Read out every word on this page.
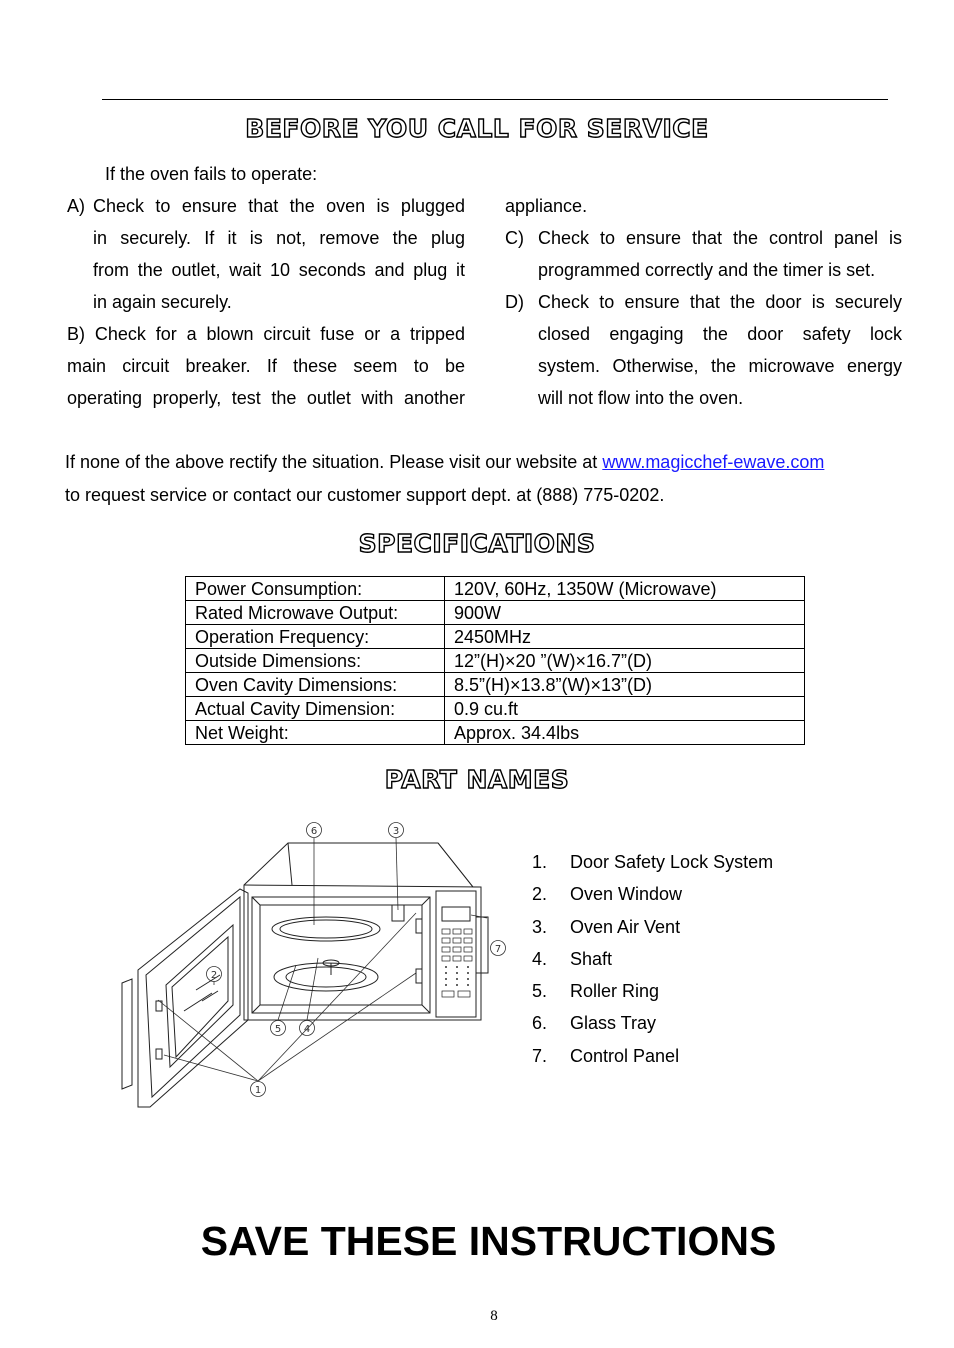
BEFORE YOU CALL FOR SERVICE
If the oven fails to operate:
A) Check to ensure that the oven is plugged
in securely. If it is not, remove the plug
from the outlet, wait 10 seconds and plug it
in again securely.
B) Check for a blown circuit fuse or a tripped
main circuit breaker. If these seem to be
operating properly, test the outlet with another
appliance.
C) Check to ensure that the control panel is
programmed correctly and the timer is set.
D) Check to ensure that the door is securely
closed engaging the door safety lock
system. Otherwise, the microwave energy
will not flow into the oven.
If none of the above rectify the situation. Please visit our website at www.magicchef-ewave.com
to request service or contact our customer support dept. at (888) 775-0202.
SPECIFICATIONS
Power Consumption:	120V, 60Hz, 1350W (Microwave)
Rated Microwave Output:	900W
Operation Frequency:	2450MHz
Outside Dimensions:	12”(H)×20 ”(W)×16.7”(D)
Oven Cavity Dimensions:	8.5”(H)×13.8”(W)×13”(D)
Actual Cavity Dimension:	0.9 cu.ft
Net Weight:	Approx. 34.4lbs
PART NAMES
6	3
7
2
5 4
1
1. Door Safety Lock System
2. Oven Window
3. Oven Air Vent
4. Shaft
5. Roller Ring
6. Glass Tray
7. Control Panel
SAVE THESE INSTRUCTIONS
8
